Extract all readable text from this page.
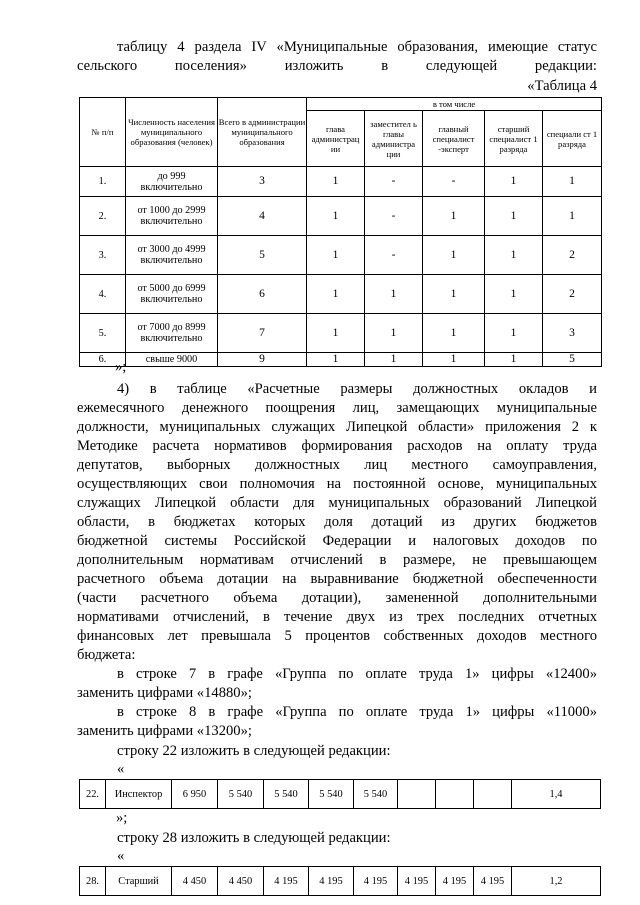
таблицу 4 раздела IV «Муниципальные образования, имеющие статус
сельского поселения» изложить в следующей редакции:
«Таблица 4
№ п/п	Численность населения муниципального образования (человек)	Всего в администрации муниципального образования	в том числе				
			глава администрац ии	заместител ь главы администра ции	главный специалист -эксперт	старший специалист 1 разряда	специали ст 1 разряда
1.	до 999 включительно	3	1	-	-	1	1
2.	от 1000 до 2999 включительно	4	1	-	1	1	1
3.	от 3000 до 4999 включительно	5	1	-	1	1	2
4.	от 5000 до 6999 включительно	6	1	1	1	1	2
5.	от 7000 до 8999 включительно	7	1	1	1	1	3
6.	свыше 9000	9	1	1	1	1	5
»;
4) в таблице «Расчетные размеры должностных окладов и
ежемесячного денежного поощрения лиц, замещающих муниципальные
должности, муниципальных служащих Липецкой области» приложения 2 к
Методике расчета нормативов формирования расходов на оплату труда
депутатов, выборных должностных лиц местного самоуправления,
осуществляющих свои полномочия на постоянной основе, муниципальных
служащих Липецкой области для муниципальных образований Липецкой
области, в бюджетах которых доля дотаций из других бюджетов
бюджетной системы Российской Федерации и налоговых доходов по
дополнительным нормативам отчислений в размере, не превышающем
расчетного объема дотации на выравнивание бюджетной обеспеченности
(части расчетного объема дотации), замененной дополнительными
нормативами отчислений, в течение двух из трех последних отчетных
финансовых лет превышала 5 процентов собственных доходов местного
бюджета:
в строке 7 в графе «Группа по оплате труда 1» цифры «12400»
заменить цифрами «14880»;
в строке 8 в графе «Группа по оплате труда 1» цифры «11000»
заменить цифрами «13200»;
строку 22 изложить в следующей редакции:
«
22.	Инспектор	6 950	5 540	5 540	5 540	5 540				1,4
»;
строку 28 изложить в следующей редакции:
«
28.	Старший	4 450	4 450	4 195	4 195	4 195	4 195	4 195	4 195	1,2
